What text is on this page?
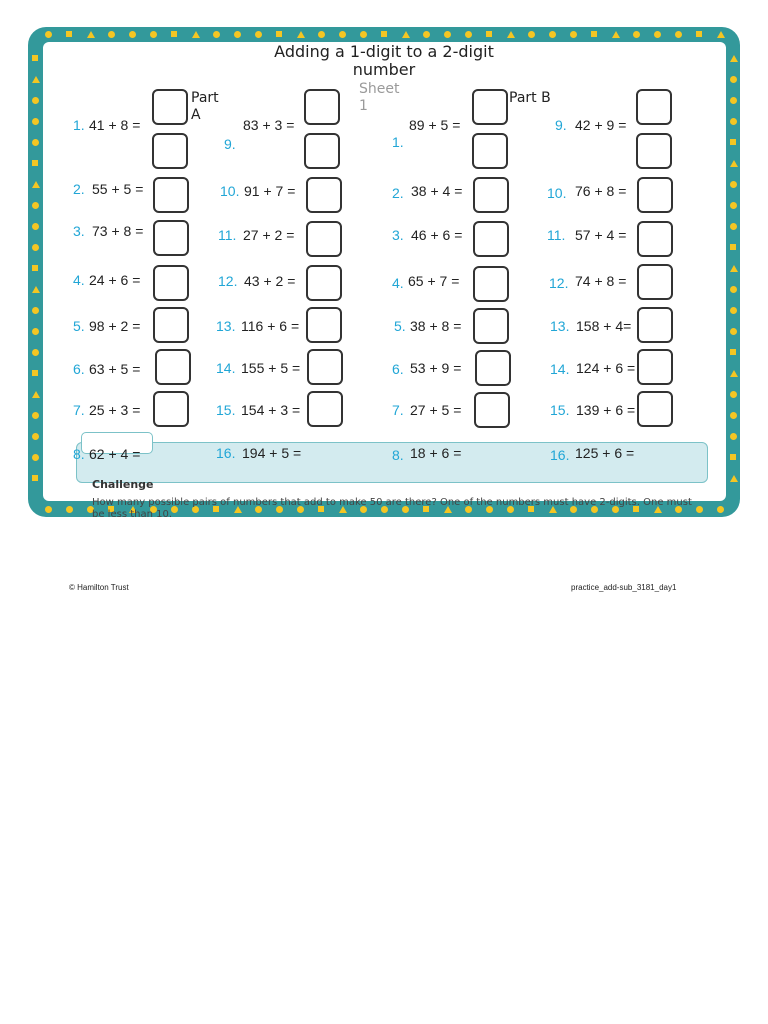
Adding a 1-digit to a 2-digit number
Sheet 1
Part A
Part B
1. 41 + 8 =
2. 55 + 5 =
3. 73 + 8 =
4. 24 + 6 =
5. 98 + 2 =
6. 63 + 5 =
7. 25 + 3 =
8. 62 + 4 =
9.
83 + 3 =
10. 91 + 7 =
11. 27 + 2 =
12. 43 + 2 =
13. 116 + 6 =
14. 155 + 5 =
15. 154 + 3 =
16. 194 + 5 =
1.
89 + 5 =
2. 38 + 4 =
3. 46 + 6 =
4. 65 + 7 =
5. 38 + 8 =
6. 53 + 9 =
7. 27 + 5 =
8. 18 + 6 =
9. 42 + 9 =
10. 76 + 8 =
11. 57 + 4 =
12. 74 + 8 =
13. 158 + 4=
14. 124 + 6 =
15. 139 + 6 =
16. 125 + 6 =
Challenge
How many possible pairs of numbers that add to make 50 are there? One of the numbers must have 2-digits. One must be less than 10.
© Hamilton Trust	practice_add-sub_3181_day1
